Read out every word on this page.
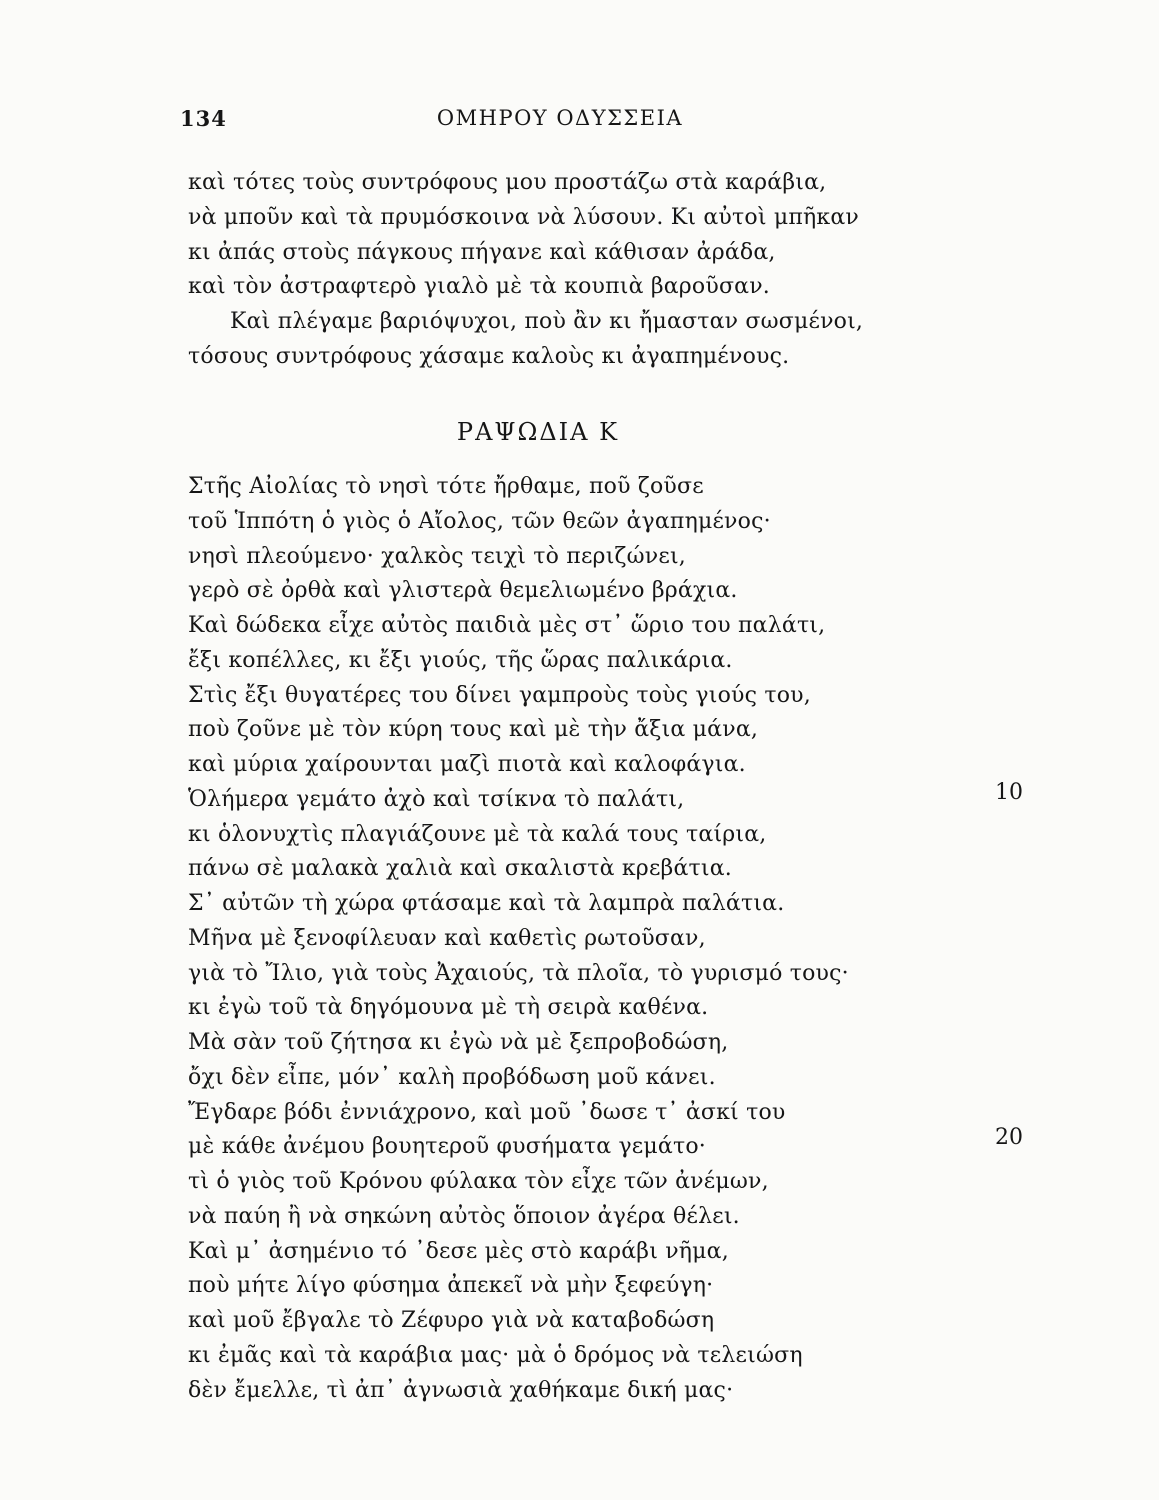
134	ΟΜΗΡΟΥ ΟΔΥΣΣΕΙΑ
καὶ τότες τοὺς συντρόφους μου προστάζω στὰ καράβια,
νὰ μποῦν καὶ τὰ πρυμόσκοινα νὰ λύσουν. Κι αὐτοὶ μπῆκαν
κι ἀπάς στοὺς πάγκους πήγανε καὶ κάθισαν ἀράδα,
καὶ τὸν ἀστραφτερὸ γιαλὸ μὲ τὰ κουπιὰ βαροῦσαν.
Καὶ πλέγαμε βαριόψυχοι, ποὺ ἂν κι ἤμασταν σωσμένοι,
τόσους συντρόφους χάσαμε καλοὺς κι ἀγαπημένους.
ΡΑΨΩΔΙΑ Κ
Στῆς Αἰολίας τὸ νησὶ τότε ἤρθαμε, ποῦ ζοῦσε
τοῦ Ἱππότη ὁ γιὸς ὁ Αἴολος, τῶν θεῶν ἀγαπημένος·
νησὶ πλεούμενο· χαλκὸς τειχὶ τὸ περιζώνει,
γερὸ σὲ ὀρθὰ καὶ γλιστερὰ θεμελιωμένο βράχια.
Καὶ δώδεκα εἶχε αὐτὸς παιδιὰ μὲς στ᾽ ὥριο του παλάτι,
ἔξι κοπέλλες, κι ἔξι γιούς, τῆς ὥρας παλικάρια.
Στὶς ἔξι θυγατέρες του δίνει γαμπροὺς τοὺς γιούς του,
ποὺ ζοῦνε μὲ τὸν κύρη τους καὶ μὲ τὴν ἄξια μάνα,
καὶ μύρια χαίρουνται μαζὶ πιοτὰ καὶ καλοφάγια.
Ὁλήμερα γεμάτο ἀχὸ καὶ τσίκνα τὸ παλάτι,
κι ὁλονυχτὶς πλαγιάζουνε μὲ τὰ καλά τους ταίρια,
πάνω σὲ μαλακὰ χαλιὰ καὶ σκαλιστὰ κρεβάτια.
Σ᾽ αὐτῶν τὴ χώρα φτάσαμε καὶ τὰ λαμπρὰ παλάτια.
Μῆνα μὲ ξενοφίλευαν καὶ καθετὶς ρωτοῦσαν,
γιὰ τὸ Ἴλιο, γιὰ τοὺς Ἀχαιούς, τὰ πλοῖα, τὸ γυρισμό τους·
κι ἐγὼ τοῦ τὰ δηγόμουνα μὲ τὴ σειρὰ καθένα.
Μὰ σὰν τοῦ ζήτησα κι ἐγὼ νὰ μὲ ξεπροβοδώση,
ὄχι δὲν εἶπε, μόν᾽ καλὴ προβόδωση μοῦ κάνει.
Ἔγδαρε βόδι ἐννιάχρονο, καὶ μοῦ ᾽δωσε τ᾽ ἀσκί του
μὲ κάθε ἀνέμου βουητεροῦ φυσήματα γεμάτο·
τὶ ὁ γιὸς τοῦ Κρόνου φύλακα τὸν εἶχε τῶν ἀνέμων,
νὰ παύη ἢ νὰ σηκώνη αὐτὸς ὅποιον ἀγέρα θέλει.
Καὶ μ᾽ ἀσημένιο τό ᾽δεσε μὲς στὸ καράβι νῆμα,
ποὺ μήτε λίγο φύσημα ἀπεκεῖ νὰ μὴν ξεφεύγη·
καὶ μοῦ ἔβγαλε τὸ Ζέφυρο γιὰ νὰ καταβοδώση
κι ἐμᾶς καὶ τὰ καράβια μας· μὰ ὁ δρόμος νὰ τελειώση
δὲν ἔμελλε, τὶ ἀπ᾽ ἀγνωσιὰ χαθήκαμε δική μας·
10
20
